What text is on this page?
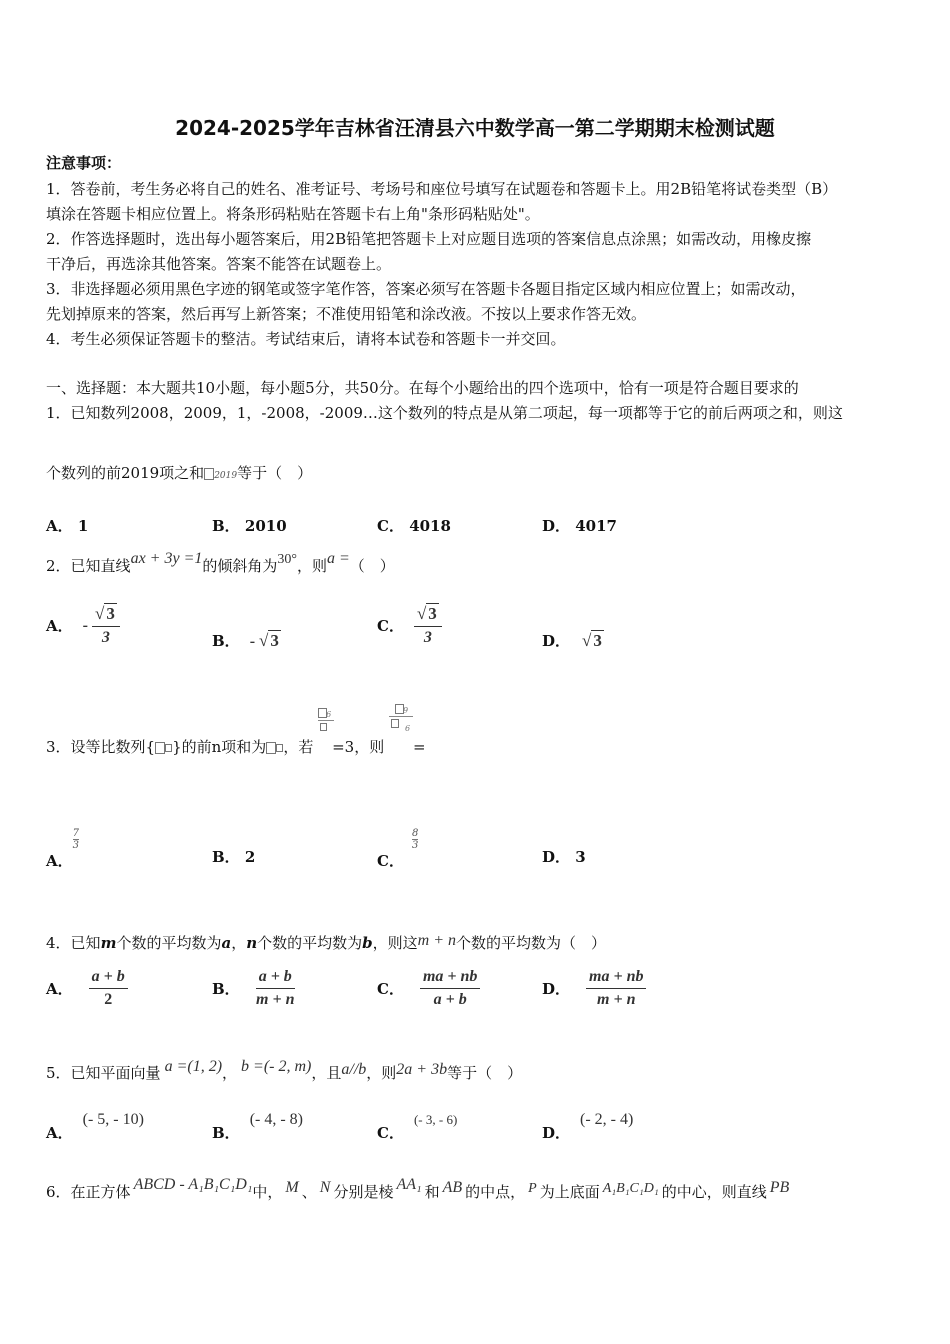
2024-2025学年吉林省汪清县六中数学高一第二学期期末检测试题
注意事项：
1．答卷前，考生务必将自己的姓名、准考证号、考场号和座位号填写在试题卷和答题卡上。用2B铅笔将试卷类型（B）
填涂在答题卡相应位置上。将条形码粘贴在答题卡右上角"条形码粘贴处"。
2．作答选择题时，选出每小题答案后，用2B铅笔把答题卡上对应题目选项的答案信息点涂黑；如需改动，用橡皮擦
干净后，再选涂其他答案。答案不能答在试题卷上。
3．非选择题必须用黑色字迹的钢笔或签字笔作答，答案必须写在答题卡各题目指定区域内相应位置上；如需改动，
先划掉原来的答案，然后再写上新答案；不准使用铅笔和涂改液。不按以上要求作答无效。
4．考生必须保证答题卡的整洁。考试结束后，请将本试卷和答题卡一并交回。
一、选择题：本大题共10小题，每小题5分，共50分。在每个小题给出的四个选项中，恰有一项是符合题目要求的
1．已知数列2008，2009，1，-2008，-2009…这个数列的特点是从第二项起，每一项都等于它的前后两项之和，则这
个数列的前2019项之和 2019等于（　）
A． 1	B． 2010	C． 4018	D． 4017
2．已知直线ax + 3y =1的倾斜角为30°，则a =（　）
A． - $\frac{√ 3}{3}$	B． - √ 3
C． $\frac{√ 3}{3}$	D． √ 3
3．设等比数列{ }的前n项和为 ，若
6
=3，则
$\frac{9}{6}$
=
A．
$\frac{7}{3}$
B． 2	C．
$\frac{8}{3}$
D． 3
4．已知m个数的平均数为a，n个数的平均数为b，则这m + n个数的平均数为（　）
A． $\frac{a + b}{2}$	B． $\frac{a + b}{m + n}$	C． $\frac{ma + nb}{a + b}$	D． $\frac{ma + nb}{m + n}$
5．已知平面向量 a =(1, 2)， b =(- 2, m)，且a//b，则2a + 3b等于（　）
A．(- 5, - 10)
B．(- 4, - 8)
C．(- 3, - 6)
D．(- 2, - 4)
6．在正方体 ABCD - A₁B₁C₁D₁中， M 、 N 分别是棱 AA₁ 和 AB 的中点， P 为上底面 A₁B₁C₁D₁ 的中心，则直线 PB
